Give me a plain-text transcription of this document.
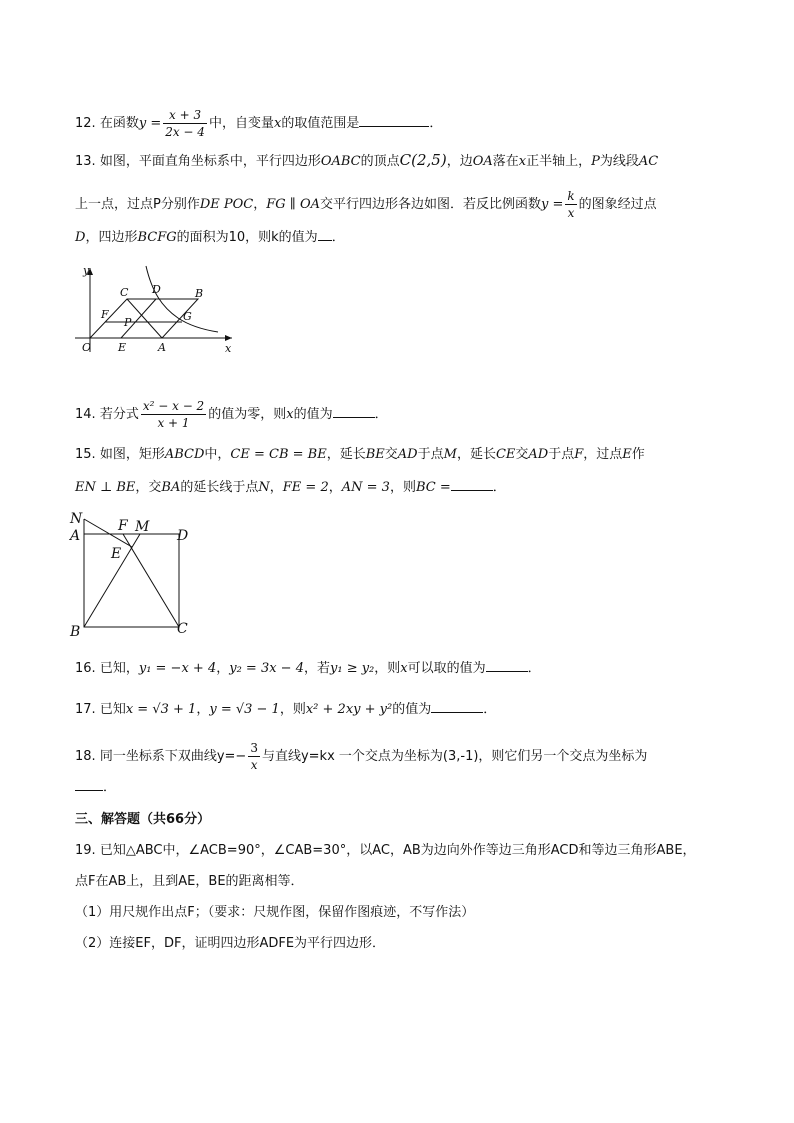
12. 在函数$y = \frac{x + 3}{2x - 4}$ 中，自变量x的取值范围是	．
13. 如图，平面直角坐标系中，平行四边形OABC的顶点C(2,5)，边OA落在x正半轴上，P为线段AC
上一点，过点P分别作DE POC，FG ∥ OA交平行四边形各边如图．若反比例函数$y = \frac{k}{x}$ 的图象经过点
D，四边形BCFG的面积为10，则k的值为 ．
y
x
O E	A
F
P
C D	B
G
14. 若分式 $\frac{\text{x² − x − 2}}{x + 1}$ 的值为零，则x的值为	．
15. 如图，矩形ABCD中，CE = CB = BE，延长BE交AD于点M，延长CE交AD于点F，过点E作
EN ⊥ BE，交BA的延长线于点N，FE = 2，AN = 3，则BC =	．
N
A
F M
E
D
B	C
16. 已知，y₁ = −x + 4，y₂ = 3x − 4，若y₁ ≥ y₂，则x可以取的值为	．
17. 已知x = √3 + 1，y = √3 − 1，则x² + 2xy + y²的值为	．
18. 同一坐标系下双曲线$y=- \frac{3}{x}$ 与直线y=kx 一个交点为坐标为(3,-1)，则它们另一个交点为坐标为
．
三、解答题（共66分）
19. 已知△ABC中，∠ACB=90°，∠CAB=30°，以AC，AB为边向外作等边三角形ACD和等边三角形ABE，
点F在AB上，且到AE，BE的距离相等．
（1）用尺规作出点F；（要求：尺规作图，保留作图痕迹，不写作法）
（2）连接EF，DF，证明四边形ADFE为平行四边形．
